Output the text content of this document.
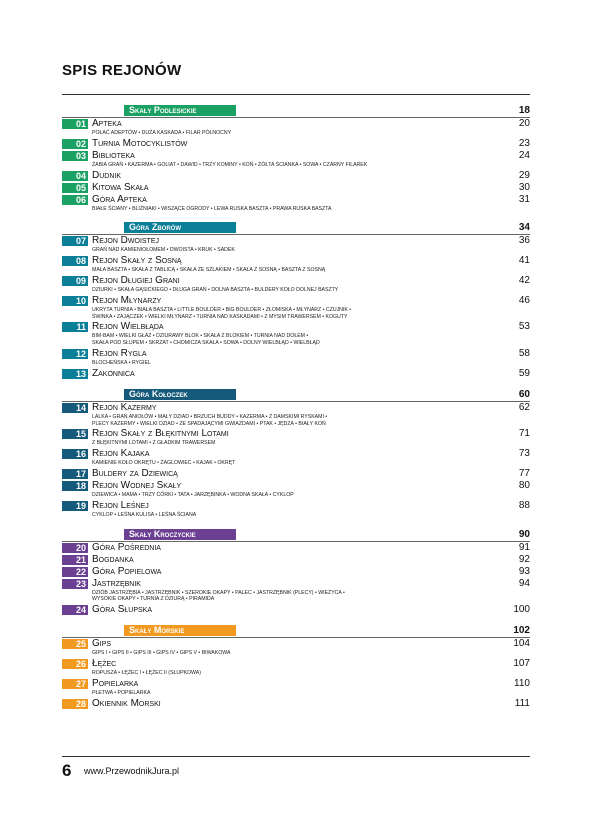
SPIS REJONÓW
Skały Podlesickie	18
01 Apteka	20
POŁAĆ ADEPTÓW • DUŻA KASKADA • FILAR PÓŁNOCNY
02 Turnia Motocyklistów	23
03 Biblioteka	24
ŻABIA GRAŃ • KAZERMA • GOLIAT • DAWID • TRZY KOMINY • KOŃ • ŻÓŁTA ŚCIANKA • SOWA • CZARNY FILAREK
04 Dudnik	29
05 Kitowa Skała	30
06 Góra Apteka	31
BIAŁE ŚCIANY • BLIŹNIAKI • WISZĄCE OGRODY • LEWA RUSKA BASZTA • PRAWA RUSKA BASZTA
Góra Zborów	34
07 Rejon Dwoistej	36
GRAŃ NAD KAMIENIOŁOMEM • DWOISTA • KRUK • SADEK
08 Rejon Skały z Sosną	41
MAŁA BASZTA • SKAŁA Z TABLICĄ • SKAŁA ZE SZLAKIEM • SKAŁA Z SOSNĄ • BASZTA Z SOSNĄ
09 Rejon Długiej Grani	42
DZIURKI • SKAŁA GĄSICKIEGO • DŁUGA GRAŃ • DOLNA BASZTA • BULDERY KOŁO DOLNEJ BASZTY
10 Rejon Młynarzy	46
UKRYTA TURNIA • BIAŁA BASZTA • LITTLE BOULDER • BIG BOULDER • ZŁOMISKA • MŁYNARZ • CZUJNIK •
ŚWINKA • ZAJĄCZEK • WIELKI MŁYNARZ • TURNIA NAD KASKADAMI • Z MYSIM TRAWERSEM • KOGUTY
11 Rejon Wielbłąda	53
BIM-BAM • WIELKI GŁAZ • DZIURAWY BLOK • SKAŁA Z BLOKIEM • TURNIA NAD DOŁEM •
SKAŁA POD SŁUPEM • SKRZAT • CHOMICZA SKAŁA • SOWA • DOLNY WIELBŁĄD • WIELBŁĄD
12 Rejon Rygla	58
BLOCHEŃSKA • RYGIEL
13 Zakonnica	59
Góra Kołoczek	60
14 Rejon Kazermy	62
LALKA • GRAŃ ANIOŁÓW • MAŁY DZIAD • BRZUCH BUDDY • KAZERMA • Z DAMSKIMI RYSKAMI •
PLECY KAZERMY • WIELKI DZIAD • ZE SPADAJĄCYMI GWIAZDAMI • PTAK • JĘDZA • BIAŁY KOŃ
15 Rejon Skały z Błękitnymi Lotami	71
Z BŁĘKITNYMI LOTAMI • Z GŁADKIM TRAWERSEM
16 Rejon Kajaka	73
KAMIENIE KOŁO OKRĘTU • ŻAGLOWIEC • KAJAK • OKRĘT
17 Buldery za Dziewicą	77
18 Rejon Wodnej Skały	80
DZIEWICA • MAMA • TRZY CÓRKI • TATA • JARZĘBINKA • WODNA SKAŁA • CYKLOP
19 Rejon Leśnej	88
CYKLOP • LEŚNA KULISA • LEŚNA ŚCIANA
Skały Kroczyckie	90
20 Góra Pośrednia	91
21 Bogdanka	92
22 Góra Popielowa	93
23 Jastrzębnik	94
DZIÓB JASTRZĘBIA • JASTRZĘBNIK • SZEROKIE OKAPY • PALEC • JASTRZĘBNIK (PLECY) • WIEŻYCA •
WYSOKIE OKAPY • TURNIA Z DZIURĄ • PIRAMIDA
24 Góra Słupska	100
Skały Morskie	102
25 Gips	104
GIPS I • GIPS II • GIPS III • GIPS IV • GIPS V • BIWAKOWA
26 Łężec	107
ROPUSZA • ŁĘŻEC I • ŁĘŻEC II (SŁUPKOWA)
27 Popielarka	110
PŁETWA • POPIELARKA
28 Okiennik Morski	111
6 www.PrzewodnikJura.pl
